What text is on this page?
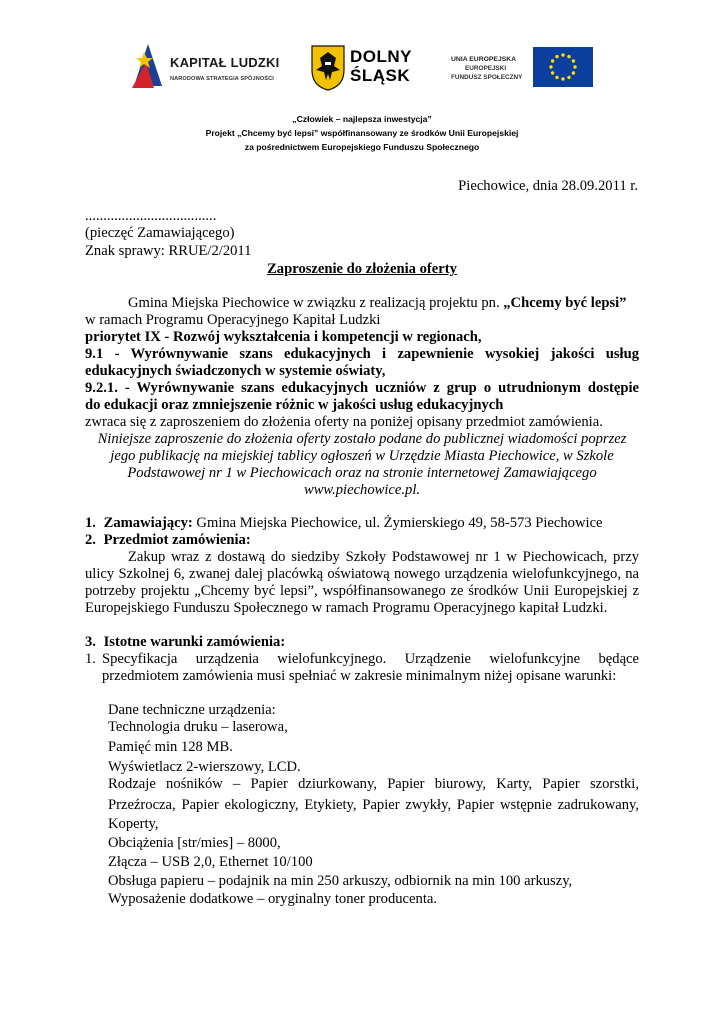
KAPITAŁ LUDZKI
NARODOWA STRATEGIA SPÓJNOŚCI
DOLNY
ŚLĄSK
UNIA EUROPEJSKA
EUROPEJSKI
FUNDUSZ SPOŁECZNY
„Człowiek – najlepsza inwestycja”
Projekt „Chcemy być lepsi” współfinansowany ze środków Unii Europejskiej
za pośrednictwem Europejskiego Funduszu Społecznego
Piechowice, dnia 28.09.2011 r.
....................................
(pieczęć Zamawiającego)
Znak sprawy: RRUE/2/2011
Zaproszenie do złożenia oferty
Gmina Miejska Piechowice w związku z realizacją projektu pn. „Chcemy być lepsi”
w ramach Programu Operacyjnego Kapitał Ludzki
priorytet IX - Rozwój wykształcenia i kompetencji w regionach,
9.1 - Wyrównywanie szans edukacyjnych i zapewnienie wysokiej jakości usług
edukacyjnych świadczonych w systemie oświaty,
9.2.1. - Wyrównywanie szans edukacyjnych uczniów z grup o utrudnionym dostępie
do edukacji oraz zmniejszenie różnic w jakości usług edukacyjnych
zwraca się z zaproszeniem do złożenia oferty na poniżej opisany przedmiot zamówienia.
Niniejsze zaproszenie do złożenia oferty zostało podane do publicznej wiadomości poprzez
jego publikację na miejskiej tablicy ogłoszeń w Urzędzie Miasta Piechowice, w Szkole
Podstawowej nr 1 w Piechowicach oraz na stronie internetowej Zamawiającego
www.piechowice.pl.
1. Zamawiający: Gmina Miejska Piechowice, ul. Żymierskiego 49, 58-573 Piechowice
2. Przedmiot zamówienia:
Zakup wraz z dostawą do siedziby Szkoły Podstawowej nr 1 w Piechowicach, przy
ulicy Szkolnej 6, zwanej dalej placówką oświatową nowego urządzenia wielofunkcyjnego, na
potrzeby projektu „Chcemy być lepsi”, współfinansowanego ze środków Unii Europejskiej z
Europejskiego Funduszu Społecznego w ramach Programu Operacyjnego kapitał Ludzki.
3. Istotne warunki zamówienia:
1. Specyfikacja urządzenia wielofunkcyjnego. Urządzenie wielofunkcyjne będące
przedmiotem zamówienia musi spełniać w zakresie minimalnym niżej opisane warunki:
Dane techniczne urządzenia:
Technologia druku – laserowa,
Pamięć min 128 MB.
Wyświetlacz 2-wierszowy, LCD.
Rodzaje nośników – Papier dziurkowany, Papier biurowy, Karty, Papier szorstki,
Przeźrocza, Papier ekologiczny, Etykiety, Papier zwykły, Papier wstępnie zadrukowany,
Koperty,
Obciążenia [str/mies] – 8000,
Złącza – USB 2,0, Ethernet 10/100
Obsługa papieru – podajnik na min 250 arkuszy, odbiornik na min 100 arkuszy,
Wyposażenie dodatkowe – oryginalny toner producenta.
